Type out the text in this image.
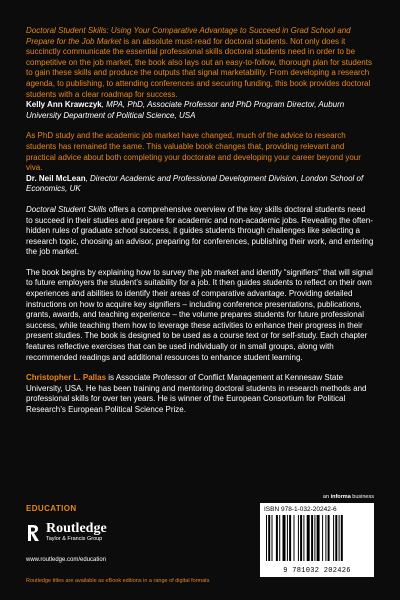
Doctoral Student Skills: Using Your Comparative Advantage to Succeed in Grad School and Prepare for the Job Market is an absolute must-read for doctoral students. Not only does it succinctly communicate the essential professional skills doctoral students need in order to be competitive on the job market, the book also lays out an easy-to-follow, thorough plan for students to gain these skills and produce the outputs that signal marketability. From developing a research agenda, to publishing, to attending conferences and securing funding, this book provides doctoral students with a clear roadmap for success.

Kelly Ann Krawczyk, MPA, PhD, Associate Professor and PhD Program Director, Auburn University Department of Political Science, USA

As PhD study and the academic job market have changed, much of the advice to research students has remained the same. This valuable book changes that, providing relevant and practical advice about both completing your doctorate and developing your career beyond your viva.

Dr. Neil McLean, Director Academic and Professional Development Division, London School of Economics, UK

Doctoral Student Skills offers a comprehensive overview of the key skills doctoral students need to succeed in their studies and prepare for academic and non-academic jobs. Revealing the often-hidden rules of graduate school success, it guides students through challenges like selecting a research topic, choosing an advisor, preparing for conferences, publishing their work, and entering the job market.

The book begins by explaining how to survey the job market and identify “signifiers” that will signal to future employers the student’s suitability for a job. It then guides students to reflect on their own experiences and abilities to identify their areas of comparative advantage. Providing detailed instructions on how to acquire key signifiers – including conference presentations, publications, grants, awards, and teaching experience – the volume prepares students for future professional success, while teaching them how to leverage these activities to enhance their progress in their present studies. The book is designed to be used as a course text or for self-study. Each chapter features reflective exercises that can be used individually or in small groups, along with recommended readings and additional resources to enhance student learning.

Christopher L. Pallas is Associate Professor of Conflict Management at Kennesaw State University, USA. He has been training and mentoring doctoral students in research methods and professional skills for over ten years. He is winner of the European Consortium for Political Research’s European Political Science Prize.

EDUCATION
Routledge
Taylor & Francis Group
www.routledge.com/education
Routledge titles are available as eBook editions in a range of digital formats
an informa business
ISBN 978-1-032-20242-6
9 781032 202426
